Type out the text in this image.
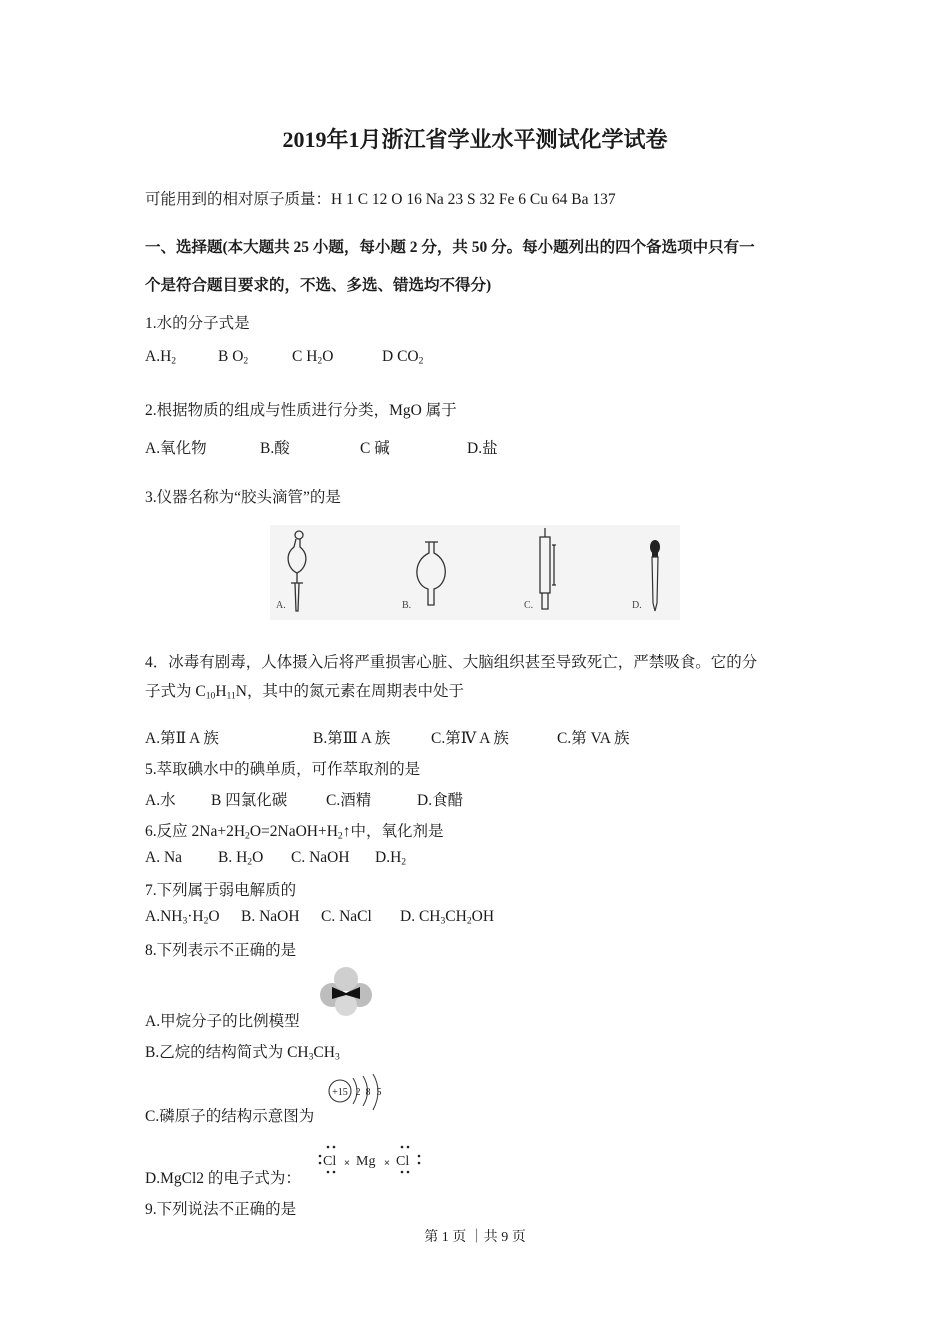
2019年1月浙江省学业水平测试化学试卷
可能用到的相对原子质量：H 1 C 12 O 16 Na 23 S 32 Fe 6 Cu 64 Ba 137
一、选择题(本大题共 25 小题，每小题 2 分，共 50 分。每小题列出的四个备选项中只有一
个是符合题目要求的，不选、多选、错选均不得分)
1.水的分子式是
$A.H_2$	B $O_2$	C $H_2O$	D $CO_2$
2.根据物质的组成与性质进行分类，MgO 属于
A.氧化物	B.酸	C 碱	D.盐
3.仪器名称为“胶头滴管”的是
A.	B.	C.	D.
4．冰毒有剧毒，人体摄入后将严重损害心脏、大脑组织甚至导致死亡，严禁吸食。它的分
子式为 $C_{10}H_{11}N$，其中的氮元素在周期表中处于
A.第Ⅱ A 族	B.第Ⅲ A 族	C.第Ⅳ A 族	C.第 VA 族
5.萃取碘水中的碘单质，可作萃取剂的是
A.水 B 四氯化碳	C.酒精	D.食醋
6.反应 $2Na+2H_2O=2NaOH+H_2↑$中，氧化剂是
A. Na B. $H_2O$ C. NaOH $D.H_2$
7.下列属于弱电解质的
$A.NH_3\cdot H_2O$ B. NaOH C. NaCl D. $CH_3CH_2OH$
8.下列表示不正确的是
A.甲烷分子的比例模型
B.乙烷的结构简式为 $CH_3CH_3$
+15 2 8 5
C.磷原子的结构示意图为
Cl × Mg × Cl
D.MgCl2 的电子式为：
9.下列说法不正确的是
第 1 页 ｜共 9 页
